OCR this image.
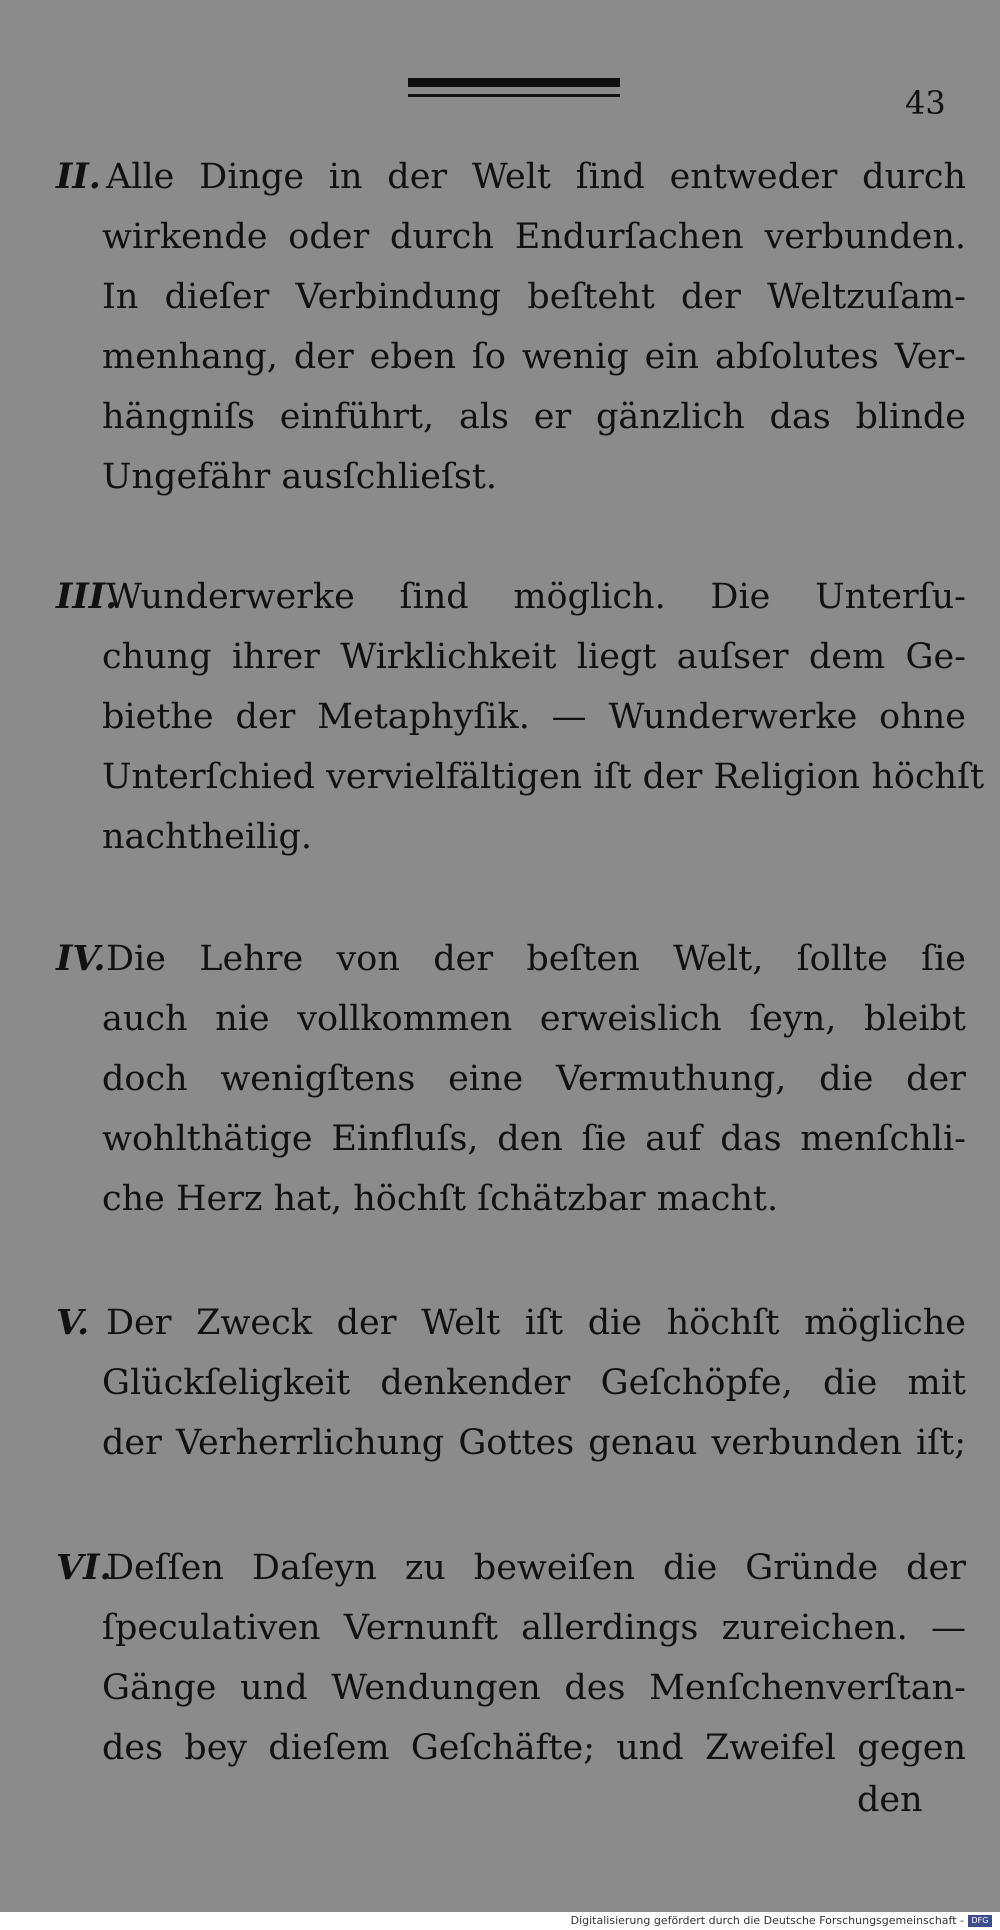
43
II. Alle Dinge in der Welt ſind entweder durch
wirkende oder durch Endurſachen verbunden.
In dieſer Verbindung beſteht der Weltzuſam-
menhang, der eben ſo wenig ein abſolutes Ver-
hängniſs einführt, als er gänzlich das blinde
Ungefähr ausſchlieſst.
III.
Wunderwerke ſind möglich. Die Unterſu-
chung ihrer Wirklichkeit liegt auſser dem Ge-
biethe der Metaphyſik. — Wunderwerke ohne
Unterſchied vervielfältigen iſt der Religion höchſt
nachtheilig.
IV. Die Lehre von der beſten Welt, ſollte ſie
auch nie vollkommen erweislich ſeyn, bleibt
doch wenigſtens eine Vermuthung, die der
wohlthätige Einfluſs, den ſie auf das menſchli-
che Herz hat, höchſt ſchätzbar macht.
V. Der Zweck der Welt iſt die höchſt mögliche
Glückſeligkeit denkender Geſchöpfe, die mit
der Verherrlichung Gottes genau verbunden iſt;
VI.
Deſſen Daſeyn zu beweiſen die Gründe der
ſpeculativen Vernunft allerdings zureichen. —
Gänge und Wendungen des Menſchenverſtan-
des bey dieſem Geſchäfte; und Zweifel gegen
den
Digitalisierung gefördert durch die Deutsche Forschungsgemeinschaft - DFG
